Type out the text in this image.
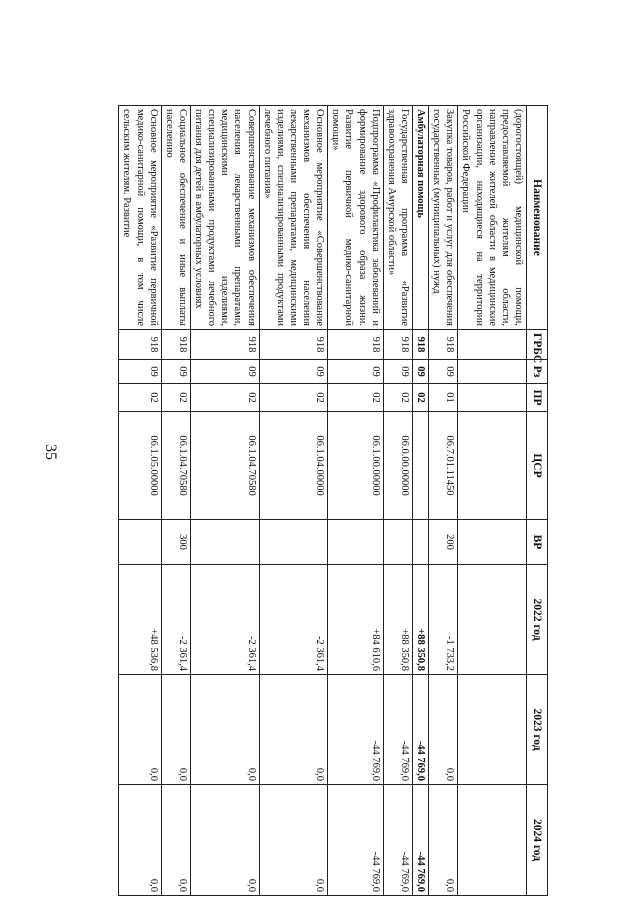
35
Наименование	ГРБС	Рз	ПР	ЦСР	ВР	2022 год	2023 год	2024 год
(дорогостоящей) медицинской помощи, предоставляемой жителям области, направление жителей области в медицинские организации, находящиеся на территории Российской Федерации								
Закупка товаров, работ и услуг для обеспечения государственных (муниципальных) нужд	918	09	01	06.7.01.11450	200	-1 733,2	0,0	0,0
Амбулаторная помощь	918	09	02			+88 350,8	-44 769,0	-44 769,0
Государственная программа «Развитие здравоохранения Амурской области»	918	09	02	06.0.00.00000		+88 350,8	-44 769,0	-44 769,0
Подпрограмма «Профилактика заболеваний и формирование здорового образа жизни. Развитие первичной медико-санитарной помощи»	918	09	02	06.1.00.00000		+84 610,6	-44 769,0	-44 769,0
Основное мероприятие «Совершенствование механизмов обеспечения населения лекарственными препаратами, медицинскими изделиями, специализированными продуктами лечебного питания»	918	09	02	06.1.04.00000		-2 361,4	0,0	0,0
Совершенствование механизмов обеспечения населения лекарственными препаратами, медицинскими изделиями, специализированными продуктами лечебного питания для детей в амбулаторных условиях	918	09	02	06.1.04.70580		-2 361,4	0,0	0,0
Социальное обеспечение и иные выплаты населению	918	09	02	06.1.04.70580	300	-2 361,4	0,0	0,0
Основное мероприятие «Развитие первичной медико-санитарной помощи, в том числе сельским жителям. Развитие	918	09	02	06.1.05.00000		+48 536,8	0,0	0,0
